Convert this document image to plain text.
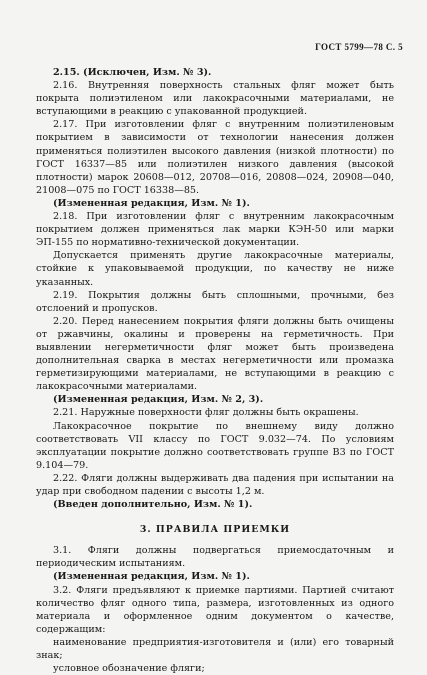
ГОСТ 5799—78 С. 5

2.15. (Исключен, Изм. № 3).

2.16. Внутренняя поверхность стальных фляг может быть покрыта полиэтиленом или лакокрасочными материалами, не вступающими в реакцию с упакованной продукцией.

2.17. При изготовлении фляг с внутренним полиэтиленовым покрытием в зависимости от технологии нанесения должен применяться полиэтилен высокого давления (низкой плотности) по ГОСТ 16337—85 или полиэтилен низкого давления (высокой плотности) марок 20608—012, 20708—016, 20808—024, 20908—040, 21008—075 по ГОСТ 16338—85.

(Измененная редакция, Изм. № 1).

2.18. При изготовлении фляг с внутренним лакокрасочным покрытием должен применяться лак марки КЭН-50 или марки ЭП-155 по нормативно-технической документации.

Допускается применять другие лакокрасочные материалы, стойкие к упаковываемой продукции, по качеству не ниже указанных.

2.19. Покрытия должны быть сплошными, прочными, без отслоений и пропусков.

2.20. Перед нанесением покрытия фляги должны быть очищены от ржавчины, окалины и проверены на герметичность. При выявлении негерметичности фляг может быть произведена дополнительная сварка в местах негерметичности или промазка герметизирующими материалами, не вступающими в реакцию с лакокрасочными материалами.

(Измененная редакция, Изм. № 2, 3).

2.21. Наружные поверхности фляг должны быть окрашены.

Лакокрасочное покрытие по внешнему виду должно соответствовать VII классу по ГОСТ 9.032—74. По условиям эксплуатации покрытие должно соответствовать группе В3 по ГОСТ 9.104—79.

2.22. Фляги должны выдерживать два падения при испытании на удар при свободном падении с высоты 1,2 м.

(Введен дополнительно, Изм. № 1).

3. ПРАВИЛА ПРИЕМКИ

3.1. Фляги должны подвергаться приемосдаточным и периодическим испытаниям.

(Измененная редакция, Изм. № 1).

3.2. Фляги предъявляют к приемке партиями. Партией считают количество фляг одного типа, размера, изготовленных из одного материала и оформленное одним документом о качестве, содержащим:

наименование предприятия-изготовителя и (или) его товарный знак;

условное обозначение фляги;
